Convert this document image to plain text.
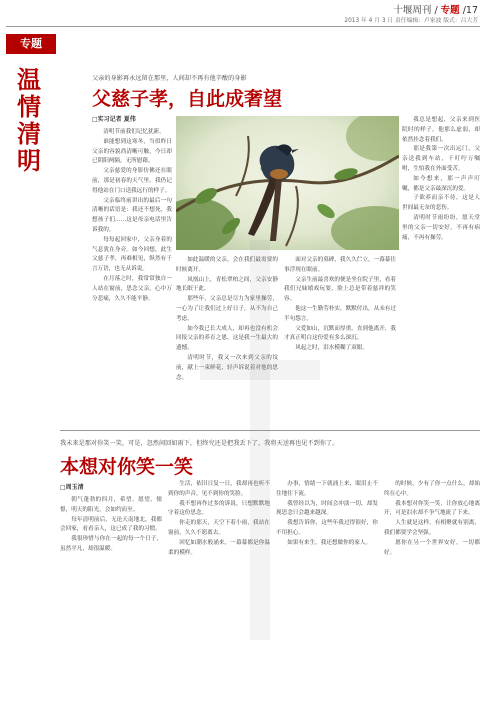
十堰周刊 / 专题 /17
2013 年 4 月 3 日 责任编辑：卢家波 版式：吕大芳
专题
温情清明
父亲的身影再永远留在那里，人间却不再有他辛酸的身影
父慈子孝，自此成奢望
□实习记者 夏伟

清明节前我们记忆犹新。

谁能想到这寒冬，当似昨日父亲的容貌尚清晰可触，今日却已阴阳两隔，无所慰藉。

父亲慈爱的身影仿佛还在眼前，那是初春的天气里，我仍记得他站在门口送我远行的样子。

父亲临终前讲出的最后一句清晰的话语是：我还不想死，我想孩子们……这是母亲电话里告诉我的。

每每起回家中，父亲身着的气息犹在身旁。如今回想，此生父慈子孝，再难相见，纵然有千言万语，也无从诉说。

在月落之时，我常常独自一人站在窗前，思念父亲，心中万分悲痛，久久不能平静。

如此温暖的父亲，会在我们最需要的时候离开。

凤凰山上，青松翠柏之间，父亲安静地长眠于此。

那些年，父亲总是尽力为家里操劳，一心为了让我们过上好日子，从不为自己考虑。

如今我已长大成人，却再也没有机会回报父亲的养育之恩，这是我一生最大的遗憾。

清明时节，我又一次来到父亲的坟前，献上一束鲜花，轻声诉说着对他的思念。

面对父亲的墓碑，我久久伫立，一幕幕往事浮现在眼前。

父亲生前最喜欢的便是坐在院子里，看着我们兄妹嬉戏玩耍，脸上总是带着慈祥的笑容。

他这一生勤劳朴实，默默付出，从未有过半句怨言。

父爱如山，沉默而厚重。直到他离开，我才真正明白这份爱有多么深沉。

风起之时，泪水模糊了双眼。

我总是想起，父亲来到医院时的样子，他那么虚弱，却依然挂念着我们。

那是我第一次出远门，父亲送我到车站，千叮咛万嘱咐，生怕我在外面受苦。

如今想来，那一声声叮嘱，都是父亲最深沉的爱。

子欲养而亲不待，这是人世间最无奈的悲伤。

清明时节雨纷纷，愿天堂里的父亲一切安好，不再有病痛，不再有操劳。

我未来是那对你笑一笑，可是，忽然间回如雨下，但终究还是把我丢下了，我将天送再也见不到你了。
本想对你笑一笑
□周玉清

朝气蓬勃的四月，希望、愿望、憧憬，明天的阳光，会如约而至。

每年清明前后，无论天南地北，我都会回家，看看亲人，这已成了我的习惯。

我很珍惜与你在一起的每一个日子，虽然平凡，却很温暖。

生活，依旧日复一日，我却再也听不到你的声音，见不到你的笑脸。

我不想再作过多的诉说，只想默默地守着这份思念。

你走的那天，天空下着小雨，我站在窗前，久久不愿离去。

回忆如潮水般涌来，一幕幕都是你温柔的模样。

办事，情绪一下就涌上来，眼泪止不住地往下流。

我曾经以为，时间会冲淡一切，却发现思念只会越来越深。

我想告诉你，这些年我过得很好，你不用担心。

如果有来生，我还想做你的家人。

的时候，少有了你一点什么，却始终在心中。

我本想对你笑一笑，让你放心地离开，可是泪水却不争气地流了下来。

人生就是这样，有相聚就有别离，我们都要学会坚强。

愿你在另一个世界安好，一切都好。
